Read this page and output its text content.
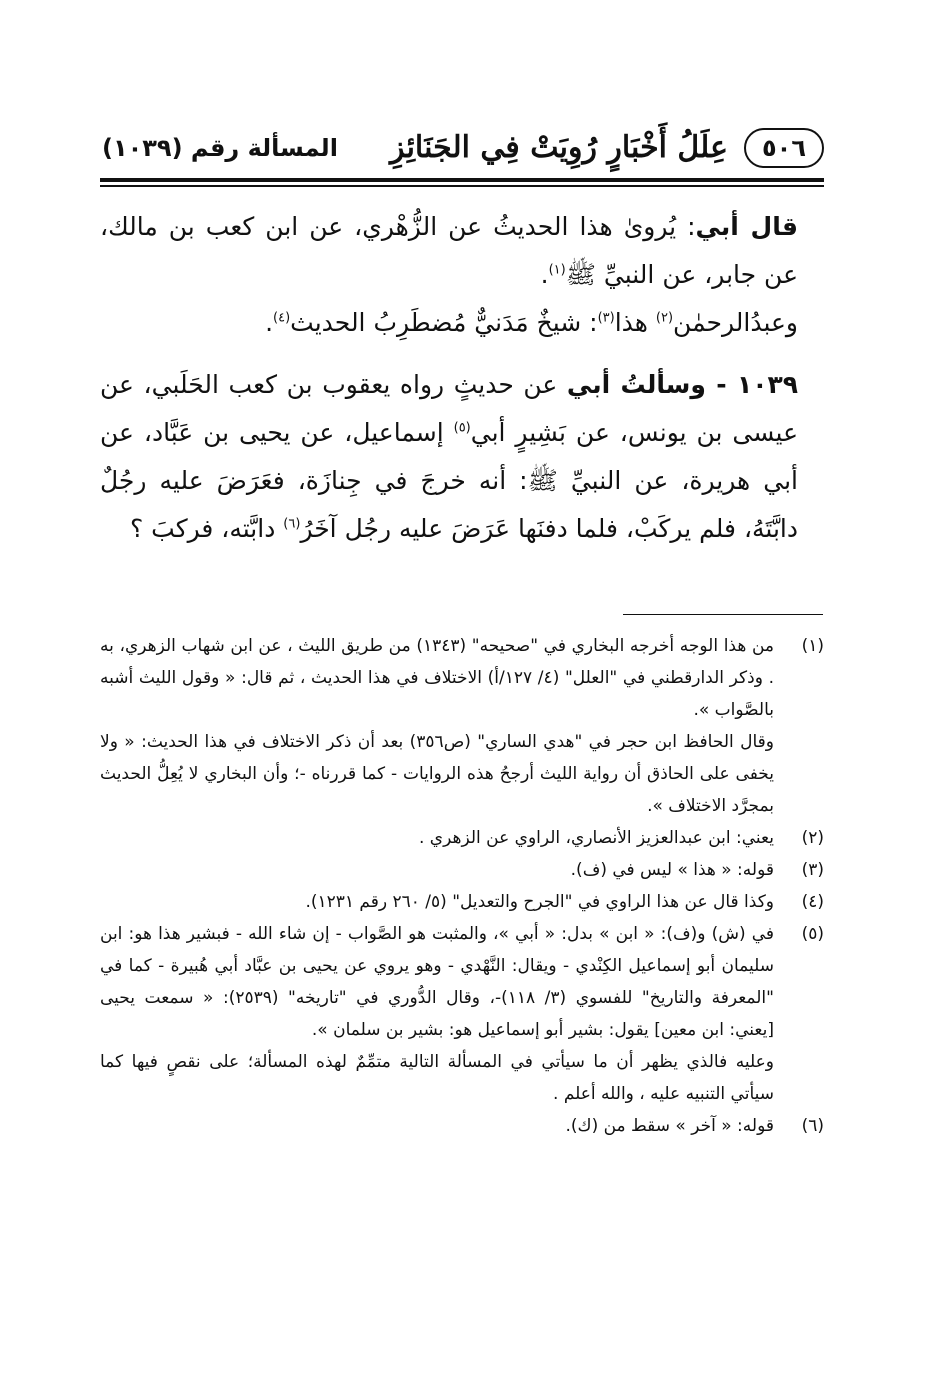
٥٠٦
عِلَلُ أَخْبَارٍ رُوِيَتْ فِي الجَنَائِزِ
المسألة رقم (١٠٣٩)

قال أبي: يُروىٰ هذا الحديثُ عن الزُّهْري، عن ابن كعب بن مالك، عن جابر، عن النبيِّ ﷺ$^{(١)}$.

وعبدُالرحمٰن$^{(٢)}$ هذا$^{(٣)}$: شيخٌ مَدَنيٌّ مُضطَرِبُ الحديث$^{(٤)}$.

١٠٣٩ - وسألتُ أبي عن حديثٍ رواه يعقوب بن كعب الحَلَبي، عن عيسى بن يونس، عن بَشِيرٍ أبي$^{(٥)}$ إسماعيل، عن يحيى بن عَبَّاد، عن أبي هريرة، عن النبيِّ ﷺ: أنه خرجَ في جِنازَة، فعَرَضَ عليه رجُلٌ دابَّتَهُ، فلم يركَبْ، فلما دفنَها عَرَضَ عليه رجُل آخَرُ$^{(٦)}$ دابَّته، فركبَ ؟

(١)

من هذا الوجه أخرجه البخاري في "صحيحه" (١٣٤٣) من طريق الليث ، عن ابن شهاب الزهري، به . وذكر الدارقطني في "العلل" (٤/ ١٢٧/أ) الاختلاف في هذا الحديث ، ثم قال: « وقول الليث أشبه بالصَّواب ».

وقال الحافظ ابن حجر في "هدي الساري" (ص٣٥٦) بعد أن ذكر الاختلاف في هذا الحديث: « ولا يخفى على الحاذق أن رواية الليث أرجحُ هذه الروايات - كما قررناه -؛ وأن البخاري لا يُعِلُّ الحديث بمجرَّد الاختلاف ».

(٢)

يعني: ابن عبدالعزيز الأنصاري، الراوي عن الزهري .

(٣)

قوله: « هذا » ليس في (ف).

(٤)

وكذا قال عن هذا الراوي في "الجرح والتعديل" (٥/ ٢٦٠ رقم ١٢٣١).

(٥)

في (ش) و(ف): « ابن » بدل: « أبي »، والمثبت هو الصَّواب - إن شاء الله - فبشير هذا هو: ابن سليمان أبو إسماعيل الكِنْدي - ويقال: النَّهْدي - وهو يروي عن يحيى بن عبَّاد أبي هُبيرة - كما في "المعرفة والتاريخ" للفسوي (٣/ ١١٨)-، وقال الدُّوري في "تاريخه" (٢٥٣٩): « سمعت يحيى [يعني: ابن معين] يقول: بشير أبو إسماعيل هو: بشير بن سلمان ».

وعليه فالذي يظهر أن ما سيأتي في المسألة التالية متمِّمٌ لهذه المسألة؛ على نقصٍ فيها كما سيأتي التنبيه عليه ، والله أعلم .

(٦)

قوله: « آخر » سقط من (ك).
